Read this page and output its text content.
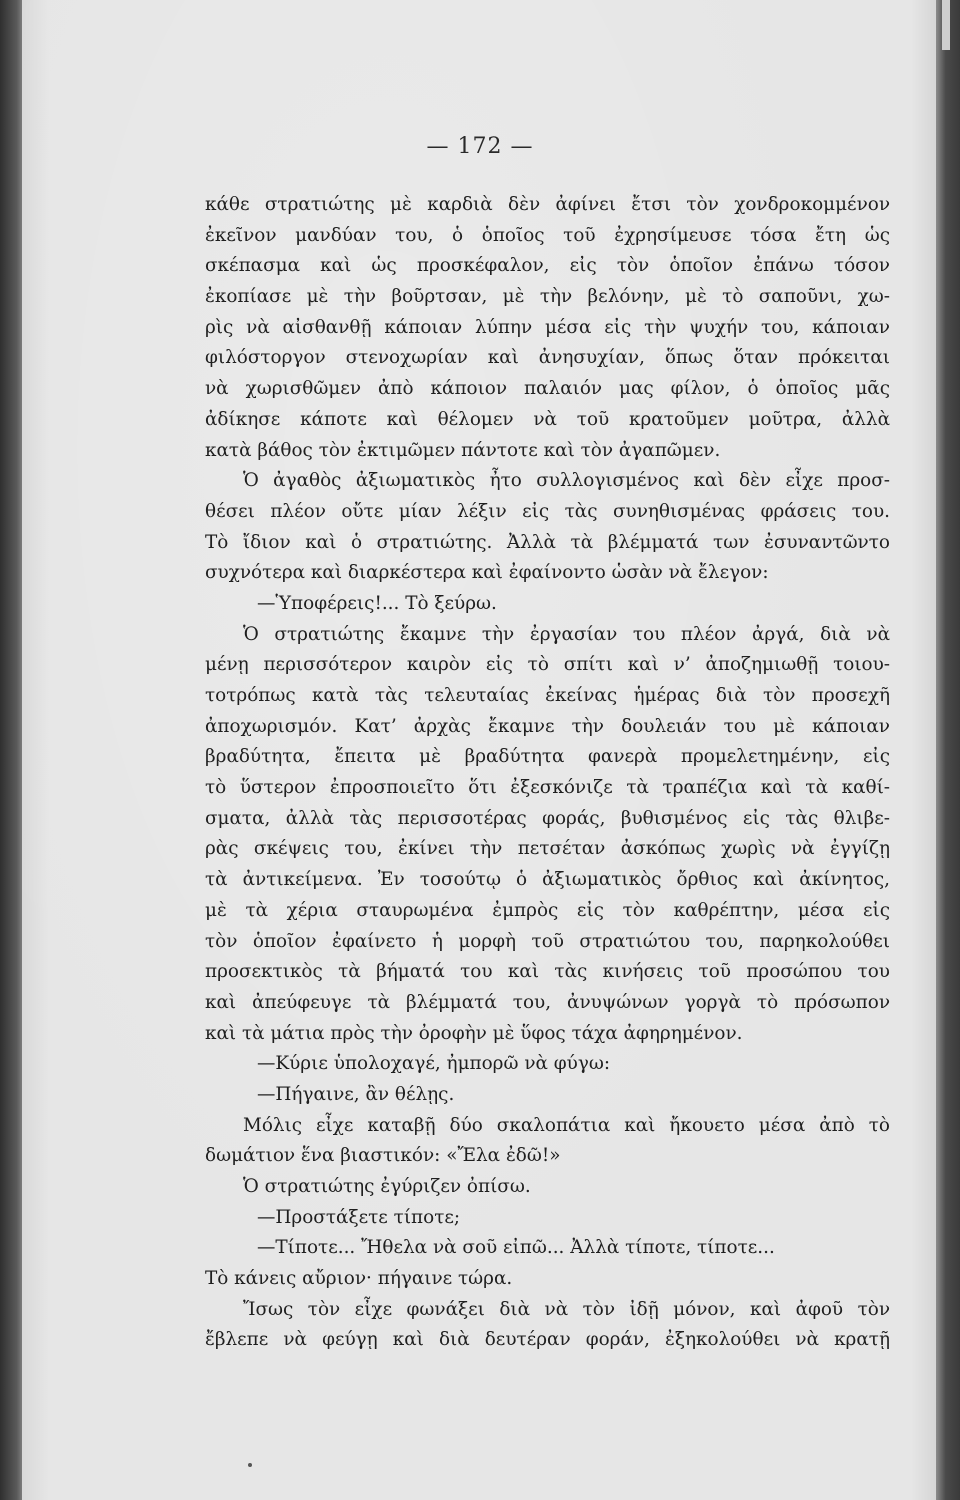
— 172 —
κάθε στρατιώτης μὲ καρδιὰ δὲν ἀφίνει ἔτσι τὸν χονδροκομμένον
ἐκεῖνον μανδύαν του, ὁ ὁποῖος τοῦ ἐχρησίμευσε τόσα ἔτη ὡς
σκέπασμα καὶ ὡς προσκέφαλον, εἰς τὸν ὁποῖον ἐπάνω τόσον
ἐκοπίασε μὲ τὴν βοῦρτσαν, μὲ τὴν βελόνην, μὲ τὸ σαποῦνι, χω-
ρὶς νὰ αἰσθανθῇ κάποιαν λύπην μέσα εἰς τὴν ψυχήν του, κάποιαν
φιλόστοργον στενοχωρίαν καὶ ἀνησυχίαν, ὅπως ὅταν πρόκειται
νὰ χωρισθῶμεν ἀπὸ κάποιον παλαιόν μας φίλον, ὁ ὁποῖος μᾶς
ἀδίκησε κάποτε καὶ θέλομεν νὰ τοῦ κρατοῦμεν μοῦτρα, ἀλλὰ
κατὰ βάθος τὸν ἐκτιμῶμεν πάντοτε καὶ τὸν ἀγαπῶμεν.
Ὁ ἀγαθὸς ἀξιωματικὸς ἦτο συλλογισμένος καὶ δὲν εἶχε προσ-
θέσει πλέον οὔτε μίαν λέξιν εἰς τὰς συνηθισμένας φράσεις του.
Τὸ ἴδιον καὶ ὁ στρατιώτης. Ἀλλὰ τὰ βλέμματά των ἐσυναντῶντο
συχνότερα καὶ διαρκέστερα καὶ ἐφαίνοντο ὡσὰν νὰ ἔλεγον:
—Ὑποφέρεις!... Τὸ ξεύρω.
Ὁ στρατιώτης ἔκαμνε τὴν ἐργασίαν του πλέον ἀργά, διὰ νὰ
μένῃ περισσότερον καιρὸν εἰς τὸ σπίτι καὶ ν’ ἀποζημιωθῇ τοιου-
τοτρόπως κατὰ τὰς τελευταίας ἐκείνας ἡμέρας διὰ τὸν προσεχῆ
ἀποχωρισμόν. Κατ’ ἀρχὰς ἔκαμνε τὴν δουλειάν του μὲ κάποιαν
βραδύτητα, ἔπειτα μὲ βραδύτητα φανερὰ προμελετημένην, εἰς
τὸ ὕστερον ἐπροσποιεῖτο ὅτι ἐξεσκόνιζε τὰ τραπέζια καὶ τὰ καθί-
σματα, ἀλλὰ τὰς περισσοτέρας φοράς, βυθισμένος εἰς τὰς θλιβε-
ρὰς σκέψεις του, ἐκίνει τὴν πετσέταν ἀσκόπως χωρὶς νὰ ἐγγίζῃ
τὰ ἀντικείμενα. Ἐν τοσούτῳ ὁ ἀξιωματικὸς ὄρθιος καὶ ἀκίνητος,
μὲ τὰ χέρια σταυρωμένα ἐμπρὸς εἰς τὸν καθρέπτην, μέσα εἰς
τὸν ὁποῖον ἐφαίνετο ἡ μορφὴ τοῦ στρατιώτου του, παρηκολούθει
προσεκτικὸς τὰ βήματά του καὶ τὰς κινήσεις τοῦ προσώπου του
καὶ ἀπεύφευγε τὰ βλέμματά του, ἀνυψώνων γοργὰ τὸ πρόσωπον
καὶ τὰ μάτια πρὸς τὴν ὀροφὴν μὲ ὕφος τάχα ἀφηρημένον.
—Κύριε ὑπολοχαγέ, ἠμπορῶ νὰ φύγω:
—Πήγαινε, ἂν θέλῃς.
Μόλις εἶχε καταβῇ δύο σκαλοπάτια καὶ ἤκουετο μέσα ἀπὸ τὸ
δωμάτιον ἕνα βιαστικόν: «Ἔλα ἐδῶ!»
Ὁ στρατιώτης ἐγύριζεν ὀπίσω.
—Προστάξετε τίποτε;
—Τίποτε... Ἤθελα νὰ σοῦ εἰπῶ... Ἀλλὰ τίποτε, τίποτε...
Τὸ κάνεις αὔριον· πήγαινε τώρα.
Ἴσως τὸν εἶχε φωνάξει διὰ νὰ τὸν ἰδῇ μόνον, καὶ ἀφοῦ τὸν
ἔβλεπε νὰ φεύγῃ καὶ διὰ δευτέραν φοράν, ἐξηκολούθει νὰ κρατῇ
